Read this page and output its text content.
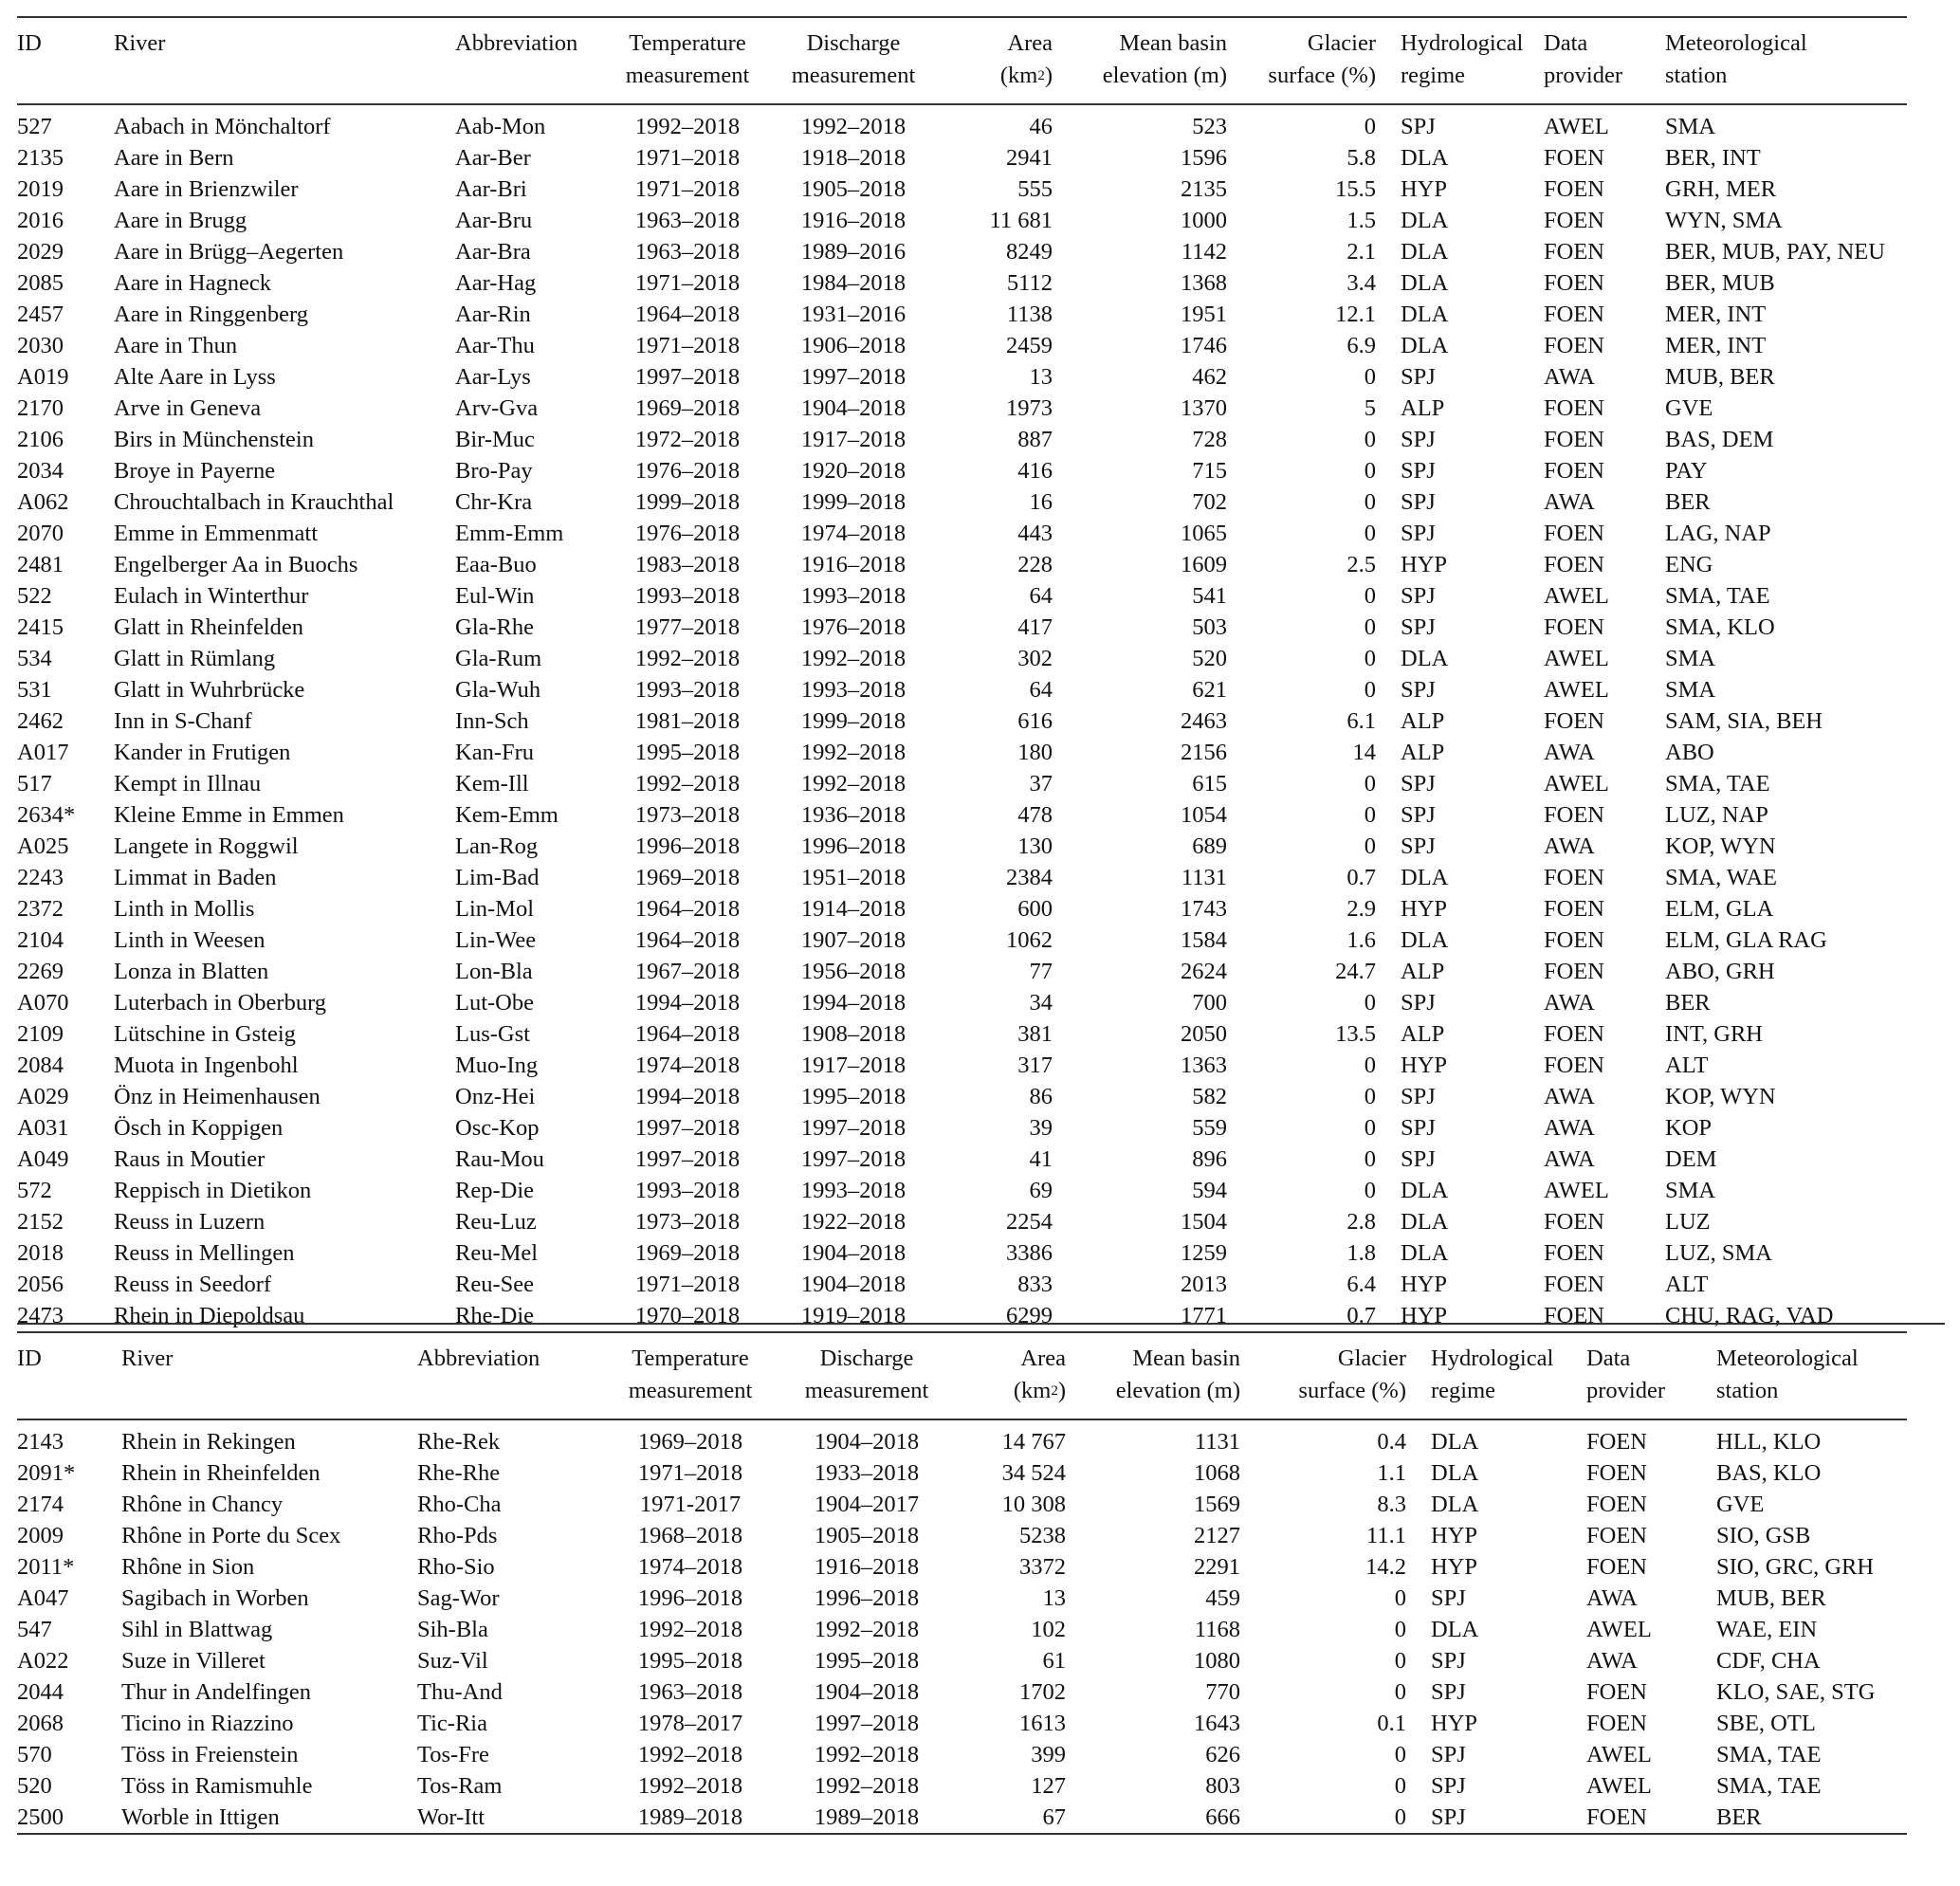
ID	River	Abbreviation	Temperature	Discharge	Area	Mean basin	Glacier	Hydrological	Data	Meteorological
			measurement	measurement	$(km^2)$	elevation (m)	surface (%)	regime	provider	station
527	Aabach in Mönchaltorf	Aab-Mon	1992–2018	1992–2018	46	523	0	SPJ	AWEL	SMA
2135	Aare in Bern	Aar-Ber	1971–2018	1918–2018	2941	1596	5.8	DLA	FOEN	BER, INT
2019	Aare in Brienzwiler	Aar-Bri	1971–2018	1905–2018	555	2135	15.5	HYP	FOEN	GRH, MER
2016	Aare in Brugg	Aar-Bru	1963–2018	1916–2018	11 681	1000	1.5	DLA	FOEN	WYN, SMA
2029	Aare in Brügg–Aegerten	Aar-Bra	1963–2018	1989–2016	8249	1142	2.1	DLA	FOEN	BER, MUB, PAY, NEU
2085	Aare in Hagneck	Aar-Hag	1971–2018	1984–2018	5112	1368	3.4	DLA	FOEN	BER, MUB
2457	Aare in Ringgenberg	Aar-Rin	1964–2018	1931–2016	1138	1951	12.1	DLA	FOEN	MER, INT
2030	Aare in Thun	Aar-Thu	1971–2018	1906–2018	2459	1746	6.9	DLA	FOEN	MER, INT
A019	Alte Aare in Lyss	Aar-Lys	1997–2018	1997–2018	13	462	0	SPJ	AWA	MUB, BER
2170	Arve in Geneva	Arv-Gva	1969–2018	1904–2018	1973	1370	5	ALP	FOEN	GVE
2106	Birs in Münchenstein	Bir-Muc	1972–2018	1917–2018	887	728	0	SPJ	FOEN	BAS, DEM
2034	Broye in Payerne	Bro-Pay	1976–2018	1920–2018	416	715	0	SPJ	FOEN	PAY
A062	Chrouchtalbach in Krauchthal	Chr-Kra	1999–2018	1999–2018	16	702	0	SPJ	AWA	BER
2070	Emme in Emmenmatt	Emm-Emm	1976–2018	1974–2018	443	1065	0	SPJ	FOEN	LAG, NAP
2481	Engelberger Aa in Buochs	Eaa-Buo	1983–2018	1916–2018	228	1609	2.5	HYP	FOEN	ENG
522	Eulach in Winterthur	Eul-Win	1993–2018	1993–2018	64	541	0	SPJ	AWEL	SMA, TAE
2415	Glatt in Rheinfelden	Gla-Rhe	1977–2018	1976–2018	417	503	0	SPJ	FOEN	SMA, KLO
534	Glatt in Rümlang	Gla-Rum	1992–2018	1992–2018	302	520	0	DLA	AWEL	SMA
531	Glatt in Wuhrbrücke	Gla-Wuh	1993–2018	1993–2018	64	621	0	SPJ	AWEL	SMA
2462	Inn in S-Chanf	Inn-Sch	1981–2018	1999–2018	616	2463	6.1	ALP	FOEN	SAM, SIA, BEH
A017	Kander in Frutigen	Kan-Fru	1995–2018	1992–2018	180	2156	14	ALP	AWA	ABO
517	Kempt in Illnau	Kem-Ill	1992–2018	1992–2018	37	615	0	SPJ	AWEL	SMA, TAE
2634*	Kleine Emme in Emmen	Kem-Emm	1973–2018	1936–2018	478	1054	0	SPJ	FOEN	LUZ, NAP
A025	Langete in Roggwil	Lan-Rog	1996–2018	1996–2018	130	689	0	SPJ	AWA	KOP, WYN
2243	Limmat in Baden	Lim-Bad	1969–2018	1951–2018	2384	1131	0.7	DLA	FOEN	SMA, WAE
2372	Linth in Mollis	Lin-Mol	1964–2018	1914–2018	600	1743	2.9	HYP	FOEN	ELM, GLA
2104	Linth in Weesen	Lin-Wee	1964–2018	1907–2018	1062	1584	1.6	DLA	FOEN	ELM, GLA RAG
2269	Lonza in Blatten	Lon-Bla	1967–2018	1956–2018	77	2624	24.7	ALP	FOEN	ABO, GRH
A070	Luterbach in Oberburg	Lut-Obe	1994–2018	1994–2018	34	700	0	SPJ	AWA	BER
2109	Lütschine in Gsteig	Lus-Gst	1964–2018	1908–2018	381	2050	13.5	ALP	FOEN	INT, GRH
2084	Muota in Ingenbohl	Muo-Ing	1974–2018	1917–2018	317	1363	0	HYP	FOEN	ALT
A029	Önz in Heimenhausen	Onz-Hei	1994–2018	1995–2018	86	582	0	SPJ	AWA	KOP, WYN
A031	Ösch in Koppigen	Osc-Kop	1997–2018	1997–2018	39	559	0	SPJ	AWA	KOP
A049	Raus in Moutier	Rau-Mou	1997–2018	1997–2018	41	896	0	SPJ	AWA	DEM
572	Reppisch in Dietikon	Rep-Die	1993–2018	1993–2018	69	594	0	DLA	AWEL	SMA
2152	Reuss in Luzern	Reu-Luz	1973–2018	1922–2018	2254	1504	2.8	DLA	FOEN	LUZ
2018	Reuss in Mellingen	Reu-Mel	1969–2018	1904–2018	3386	1259	1.8	DLA	FOEN	LUZ, SMA
2056	Reuss in Seedorf	Reu-See	1971–2018	1904–2018	833	2013	6.4	HYP	FOEN	ALT
2473	Rhein in Diepoldsau	Rhe-Die	1970–2018	1919–2018	6299	1771	0.7	HYP	FOEN	CHU, RAG, VAD
ID	River	Abbreviation	Temperature	Discharge	Area	Mean basin	Glacier	Hydrological	Data	Meteorological
			measurement	measurement	$(km^2)$	elevation (m)	surface (%)	regime	provider	station
2143	Rhein in Rekingen	Rhe-Rek	1969–2018	1904–2018	14 767	1131	0.4	DLA	FOEN	HLL, KLO
2091*	Rhein in Rheinfelden	Rhe-Rhe	1971–2018	1933–2018	34 524	1068	1.1	DLA	FOEN	BAS, KLO
2174	Rhône in Chancy	Rho-Cha	1971-2017	1904–2017	10 308	1569	8.3	DLA	FOEN	GVE
2009	Rhône in Porte du Scex	Rho-Pds	1968–2018	1905–2018	5238	2127	11.1	HYP	FOEN	SIO, GSB
2011*	Rhône in Sion	Rho-Sio	1974–2018	1916–2018	3372	2291	14.2	HYP	FOEN	SIO, GRC, GRH
A047	Sagibach in Worben	Sag-Wor	1996–2018	1996–2018	13	459	0	SPJ	AWA	MUB, BER
547	Sihl in Blattwag	Sih-Bla	1992–2018	1992–2018	102	1168	0	DLA	AWEL	WAE, EIN
A022	Suze in Villeret	Suz-Vil	1995–2018	1995–2018	61	1080	0	SPJ	AWA	CDF, CHA
2044	Thur in Andelfingen	Thu-And	1963–2018	1904–2018	1702	770	0	SPJ	FOEN	KLO, SAE, STG
2068	Ticino in Riazzino	Tic-Ria	1978–2017	1997–2018	1613	1643	0.1	HYP	FOEN	SBE, OTL
570	Töss in Freienstein	Tos-Fre	1992–2018	1992–2018	399	626	0	SPJ	AWEL	SMA, TAE
520	Töss in Ramismuhle	Tos-Ram	1992–2018	1992–2018	127	803	0	SPJ	AWEL	SMA, TAE
2500	Worble in Ittigen	Wor-Itt	1989–2018	1989–2018	67	666	0	SPJ	FOEN	BER
